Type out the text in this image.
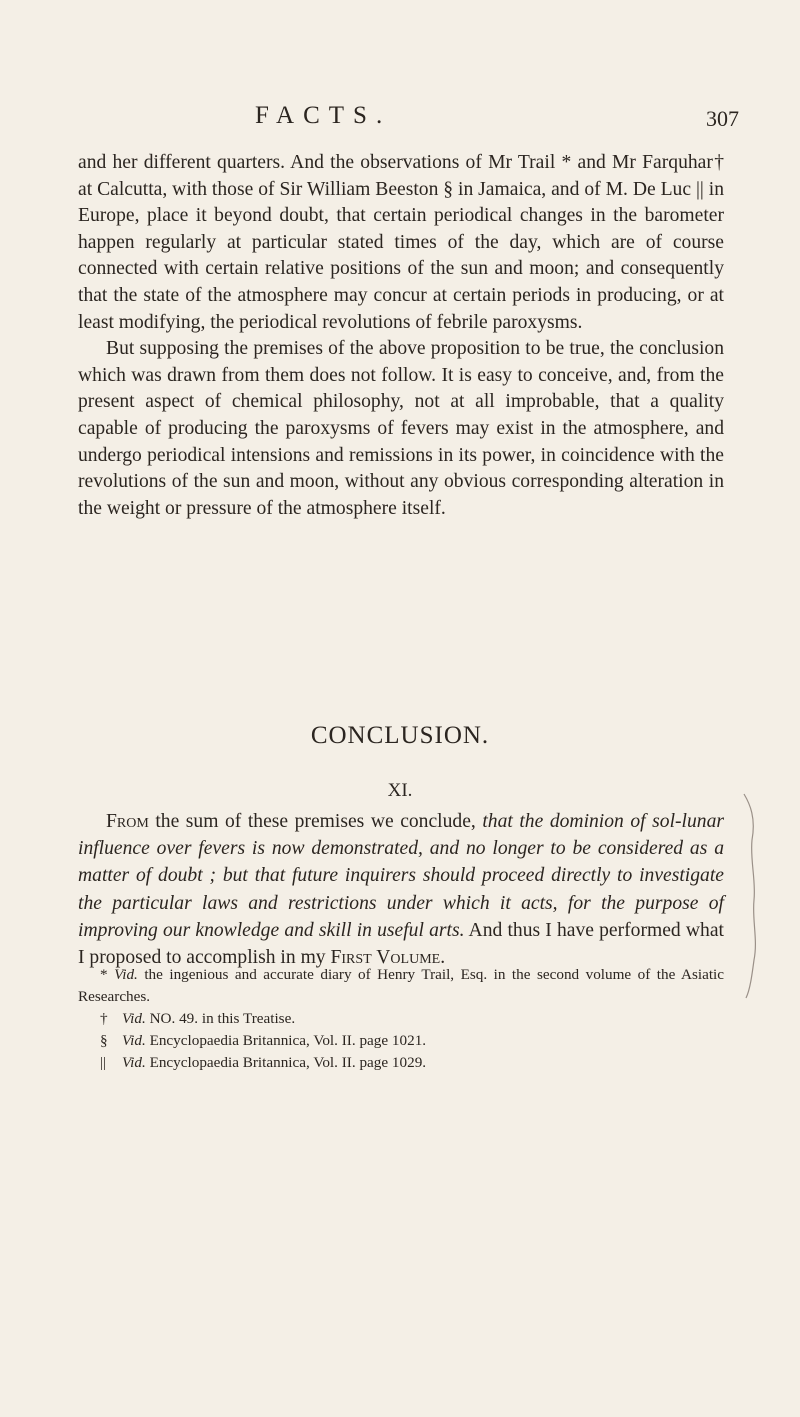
FACTS.	307

and her different quarters. And the observations of Mr Trail * and Mr Farquhar† at Calcutta, with those of Sir William Beeston § in Jamaica, and of M. De Luc || in Europe, place it beyond doubt, that certain periodical changes in the barometer happen regularly at particular stated times of the day, which are of course connected with certain relative positions of the sun and moon; and consequently that the state of the atmosphere may concur at certain periods in producing, or at least modifying, the periodical revolutions of febrile paroxysms.

But supposing the premises of the above proposition to be true, the conclusion which was drawn from them does not follow. It is easy to conceive, and, from the present aspect of chemical philosophy, not at all improbable, that a quality capable of producing the paroxysms of fevers may exist in the atmosphere, and undergo periodical intensions and remissions in its power, in coincidence with the revolutions of the sun and moon, without any obvious corresponding alteration in the weight or pressure of the atmosphere itself.

CONCLUSION.
XI.

From the sum of these premises we conclude, that the dominion of sol-lunar influence over fevers is now demonstrated, and no longer to be considered as a matter of doubt ; but that future inquirers should proceed directly to investigate the particular laws and restrictions under which it acts, for the purpose of improving our knowledge and skill in useful arts. And thus I have performed what I proposed to accomplish in my First Volume.

* Vid. the ingenious and accurate diary of Henry Trail, Esq. in the second volume of the Asiatic Researches.

† Vid. NO. 49. in this Treatise.

§ Vid. Encyclopaedia Britannica, Vol. II. page 1021.

|| Vid. Encyclopaedia Britannica, Vol. II. page 1029.
